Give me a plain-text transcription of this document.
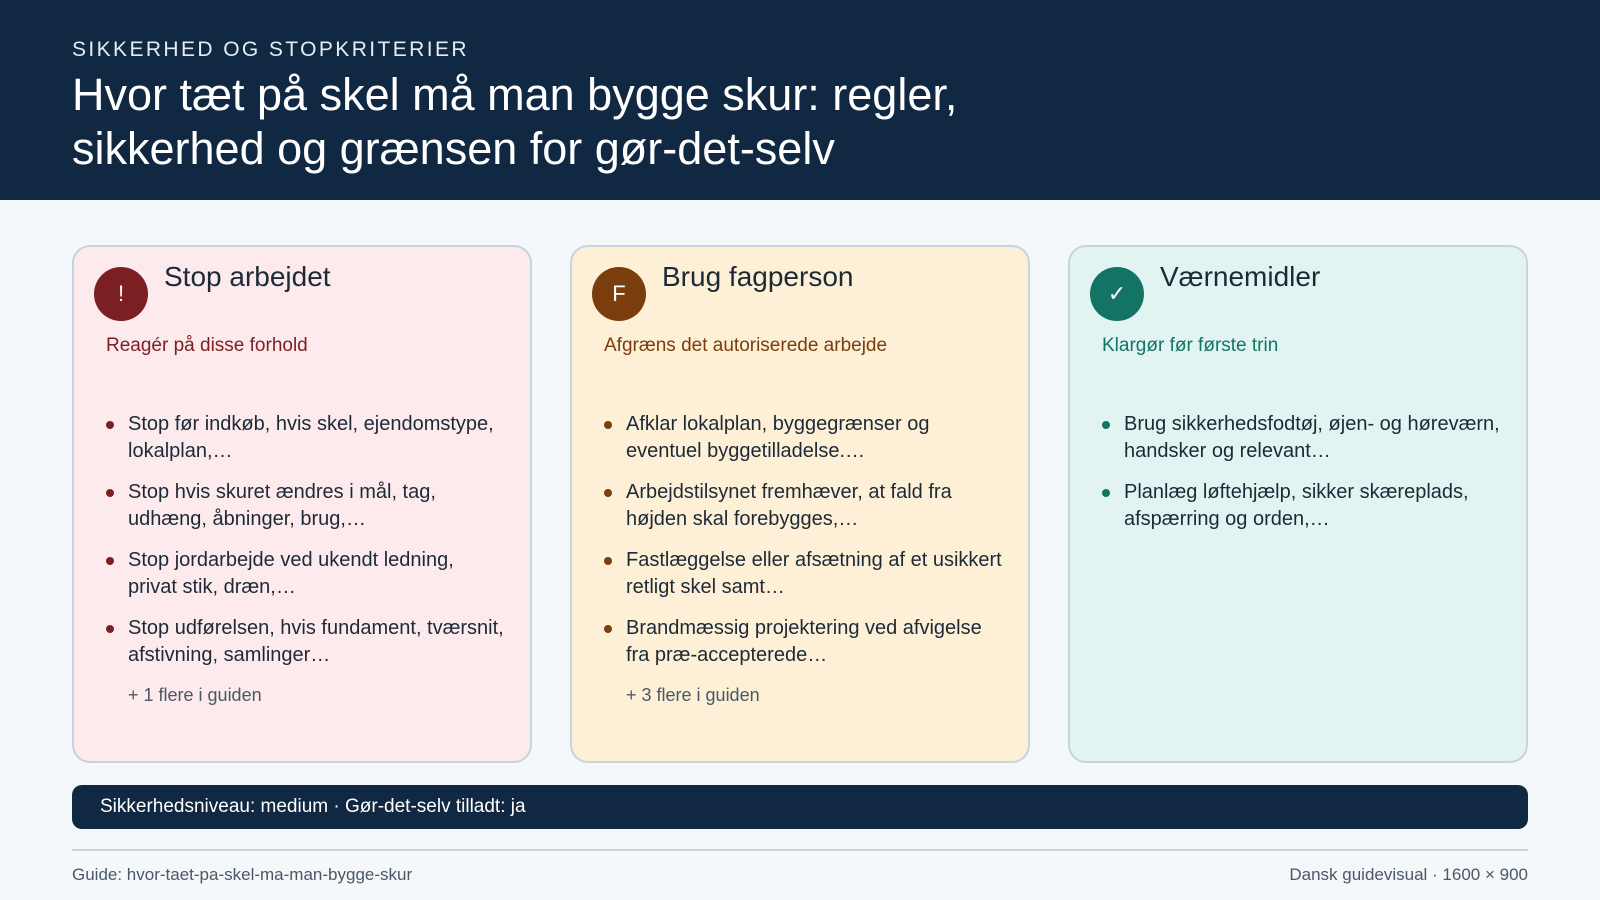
SIKKERHED OG STOPKRITERIER
Hvor tæt på skel må man bygge skur: regler, sikkerhed og grænsen for gør-det-selv
!
Stop arbejdet
Reagér på disse forhold
Stop før indkøb, hvis skel, ejendomstype, lokalplan,…
Stop hvis skuret ændres i mål, tag, udhæng, åbninger, brug,…
Stop jordarbejde ved ukendt ledning, privat stik, dræn,…
Stop udførelsen, hvis fundament, tværsnit, afstivning, samlinger…
+ 1 flere i guiden
F
Brug fagperson
Afgræns det autoriserede arbejde
Afklar lokalplan, byggegrænser og eventuel byggetilladelse.…
Arbejdstilsynet fremhæver, at fald fra højden skal forebygges,…
Fastlæggelse eller afsætning af et usikkert retligt skel samt…
Brandmæssig projektering ved afvigelse fra præ-accepterede…
+ 3 flere i guiden
✓
Værnemidler
Klargør før første trin
Brug sikkerhedsfodtøj, øjen- og høreværn, handsker og relevant…
Planlæg løftehjælp, sikker skæreplads, afspærring og orden,…
Sikkerhedsniveau: medium · Gør-det-selv tilladt: ja
Guide: hvor-taet-pa-skel-ma-man-bygge-skur	Dansk guidevisual · 1600 × 900
